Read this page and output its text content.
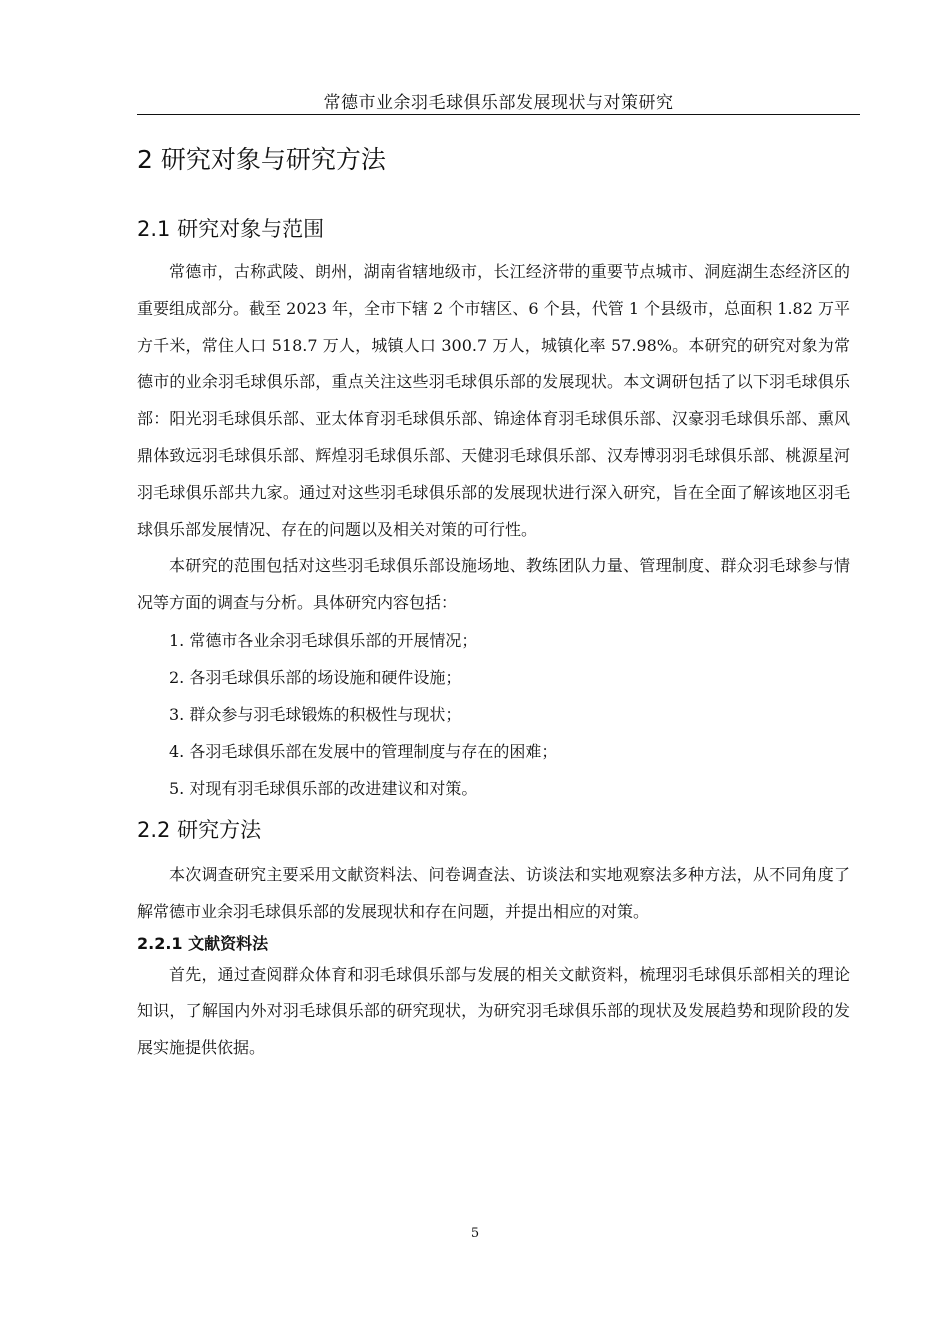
常德市业余羽毛球俱乐部发展现状与对策研究
2 研究对象与研究方法
2.1 研究对象与范围

常德市，古称武陵、朗州，湖南省辖地级市，长江经济带的重要节点城市、洞庭湖生态经济区的重要组成部分。截至 2023 年，全市下辖 2 个市辖区、6 个县，代管 1 个县级市，总面积 1.82 万平方千米，常住人口 518.7 万人，城镇人口 300.7 万人，城镇化率 57.98%。本研究的研究对象为常德市的业余羽毛球俱乐部，重点关注这些羽毛球俱乐部的发展现状。本文调研包括了以下羽毛球俱乐部：阳光羽毛球俱乐部、亚太体育羽毛球俱乐部、锦途体育羽毛球俱乐部、汉豪羽毛球俱乐部、熏风鼎体致远羽毛球俱乐部、辉煌羽毛球俱乐部、天健羽毛球俱乐部、汉寿博羽羽毛球俱乐部、桃源星河羽毛球俱乐部共九家。通过对这些羽毛球俱乐部的发展现状进行深入研究，旨在全面了解该地区羽毛球俱乐部发展情况、存在的问题以及相关对策的可行性。

本研究的范围包括对这些羽毛球俱乐部设施场地、教练团队力量、管理制度、群众羽毛球参与情况等方面的调查与分析。具体研究内容包括：

1. 常德市各业余羽毛球俱乐部的开展情况；
2. 各羽毛球俱乐部的场设施和硬件设施；
3. 群众参与羽毛球锻炼的积极性与现状；
4. 各羽毛球俱乐部在发展中的管理制度与存在的困难；
5. 对现有羽毛球俱乐部的改进建议和对策。
2.2 研究方法

本次调查研究主要采用文献资料法、问卷调查法、访谈法和实地观察法多种方法，从不同角度了解常德市业余羽毛球俱乐部的发展现状和存在问题，并提出相应的对策。

2.2.1 文献资料法

首先，通过查阅群众体育和羽毛球俱乐部与发展的相关文献资料，梳理羽毛球俱乐部相关的理论知识，了解国内外对羽毛球俱乐部的研究现状，为研究羽毛球俱乐部的现状及发展趋势和现阶段的发展实施提供依据。

5
